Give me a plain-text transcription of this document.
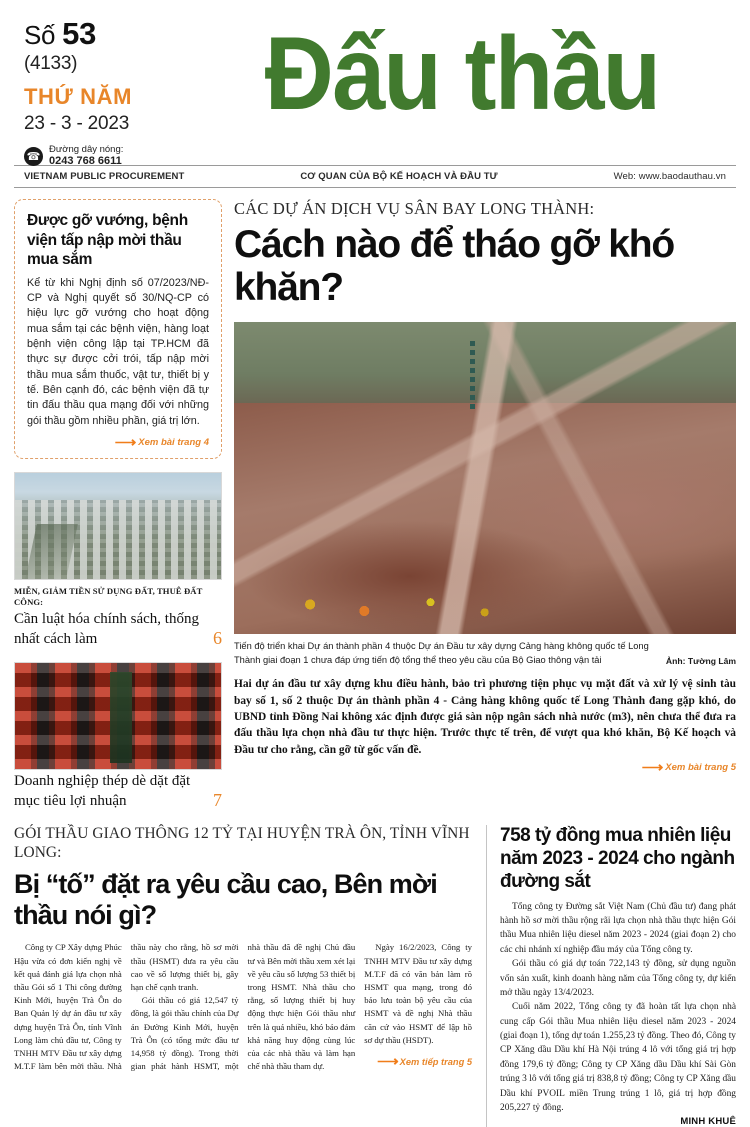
Số 53
(4133)
THỨ NĂM
23 - 3 - 2023
☎
Đường dây nóng:
0243 768 6611
Đấu thầu
VIETNAM PUBLIC PROCUREMENT	CƠ QUAN CỦA BỘ KẾ HOẠCH VÀ ĐẦU TƯ	Web: www.baodauthau.vn
Được gỡ vướng, bệnh viện tấp nập mời thầu mua sắm
Kể từ khi Nghị định số 07/2023/NĐ-CP và Nghị quyết số 30/NQ-CP có hiệu lực gỡ vướng cho hoạt động mua sắm tại các bệnh viện, hàng loạt bệnh viện công lập tại TP.HCM đã thực sự được cởi trói, tấp nập mời thầu mua sắm thuốc, vật tư, thiết bị y tế. Bên cạnh đó, các bệnh viện đã tự tin đấu thầu qua mạng đối với những gói thầu gồm nhiều phần, giá trị lớn.
⟶ Xem bài trang 4
MIỄN, GIẢM TIỀN SỬ DỤNG ĐẤT, THUÊ ĐẤT CÔNG:
Cần luật hóa chính sách, thống nhất cách làm	6
Doanh nghiệp thép dè dặt đặt mục tiêu lợi nhuận	7
CÁC DỰ ÁN DỊCH VỤ SÂN BAY LONG THÀNH:
Cách nào để tháo gỡ khó khăn?
Tiến độ triển khai Dự án thành phần 4 thuộc Dự án Đầu tư xây dựng Cảng hàng không quốc tế Long Thành giai đoạn 1 chưa đáp ứng tiến độ tổng thể theo yêu cầu của Bộ Giao thông vận tải	Ảnh: Tường Lâm
Hai dự án đầu tư xây dựng khu điều hành, bảo trì phương tiện phục vụ mặt đất và xử lý vệ sinh tàu bay số 1, số 2 thuộc Dự án thành phần 4 - Cảng hàng không quốc tế Long Thành đang gặp khó, do UBND tỉnh Đồng Nai không xác định được giá sàn nộp ngân sách nhà nước (m3), nên chưa thể đưa ra đấu thầu lựa chọn nhà đầu tư thực hiện. Trước thực tế trên, để vượt qua khó khăn, Bộ Kế hoạch và Đầu tư cho rằng, cần gỡ từ gốc vấn đề.
⟶ Xem bài trang 5
GÓI THẦU GIAO THÔNG 12 TỶ TẠI HUYỆN TRÀ ÔN, TỈNH VĨNH LONG:
Bị “tố” đặt ra yêu cầu cao, Bên mời thầu nói gì?

Công ty CP Xây dựng Phúc Hậu vừa có đơn kiến nghị về kết quả đánh giá lựa chọn nhà thầu Gói số 1 Thi công đường Kinh Mới, huyện Trà Ôn do Ban Quản lý dự án đầu tư xây dựng huyện Trà Ôn, tỉnh Vĩnh Long làm chủ đầu tư, Công ty TNHH MTV Đầu tư xây dựng M.T.F làm bên mời thầu. Nhà thầu này cho rằng, hồ sơ mời thầu (HSMT) đưa ra yêu cầu cao về số lượng thiết bị, gây hạn chế cạnh tranh.

Gói thầu có giá 12,547 tỷ đồng, là gói thầu chính của Dự án Đường Kinh Mới, huyện Trà Ôn (có tổng mức đầu tư 14,958 tỷ đồng). Trong thời gian phát hành HSMT, một nhà thầu đã đề nghị Chủ đầu tư và Bên mời thầu xem xét lại về yêu cầu số lượng 53 thiết bị trong HSMT. Nhà thầu cho rằng, số lượng thiết bị huy động thực hiện Gói thầu như trên là quá nhiều, khó bảo đảm khả năng huy động cùng lúc của các nhà thầu và làm hạn chế nhà thầu tham dự.

Ngày 16/2/2023, Công ty TNHH MTV Đầu tư xây dựng M.T.F đã có văn bản làm rõ HSMT qua mạng, trong đó bảo lưu toàn bộ yêu cầu của HSMT và đề nghị Nhà thầu căn cứ vào HSMT để lập hồ sơ dự thầu (HSDT).

⟶ Xem tiếp trang 5
758 tỷ đồng mua nhiên liệu năm 2023 - 2024 cho ngành đường sắt

Tổng công ty Đường sắt Việt Nam (Chủ đầu tư) đang phát hành hồ sơ mời thầu rộng rãi lựa chọn nhà thầu thực hiện Gói thầu Mua nhiên liệu diesel năm 2023 - 2024 (giai đoạn 2) cho các chi nhánh xí nghiệp đầu máy của Tổng công ty.

Gói thầu có giá dự toán 722,143 tỷ đồng, sử dụng nguồn vốn sản xuất, kinh doanh hàng năm của Tổng công ty, dự kiến mở thầu ngày 13/4/2023.

Cuối năm 2022, Tổng công ty đã hoàn tất lựa chọn nhà cung cấp Gói thầu Mua nhiên liệu diesel năm 2023 - 2024 (giai đoạn 1), tổng dự toán 1.255,23 tỷ đồng. Theo đó, Công ty CP Xăng dầu Dầu khí Hà Nội trúng 4 lô với tổng giá trị hợp đồng 179,6 tỷ đồng; Công ty CP Xăng dầu Dầu khí Sài Gòn trúng 3 lô với tổng giá trị 838,8 tỷ đồng; Công ty CP Xăng dầu Dầu khí PVOIL miền Trung trúng 1 lô, giá trị hợp đồng 205,227 tỷ đồng.

MINH KHUÊ
